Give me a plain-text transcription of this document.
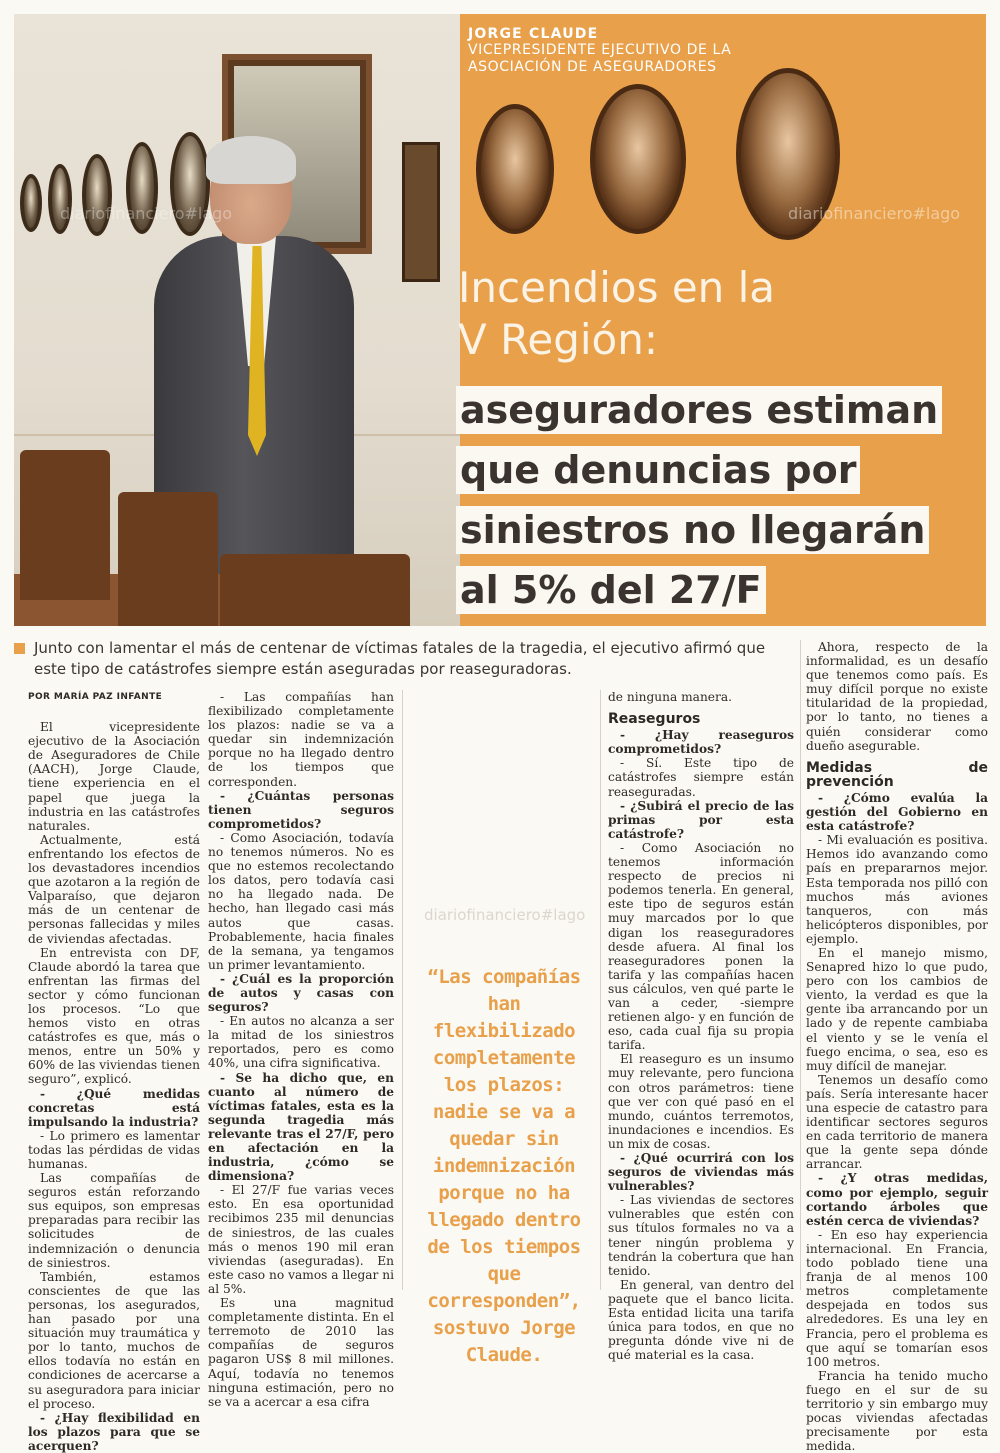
JORGE CLAUDE
VICEPRESIDENTE EJECUTIVO DE LA
ASOCIACIÓN DE ASEGURADORES
diariofinanciero#lago	diariofinanciero#lago
Incendios en la
V Región:
aseguradores estiman
que denuncias por
siniestros no llegarán
al 5% del 27/F
Junto con lamentar el más de centenar de víctimas fatales de la tragedia, el ejecutivo afirmó que este tipo de catástrofes siempre están aseguradas por reaseguradoras.
POR MARÍA PAZ INFANTE

El vicepresidente ejecutivo de la Asociación de Aseguradores de Chile (AACH), Jorge Claude, tiene experiencia en el papel que juega la industria en las catástrofes naturales.

Actualmente, está enfrentando los efectos de los devastadores incendios que azotaron a la región de Valparaíso, que dejaron más de un centenar de personas fallecidas y miles de viviendas afectadas.

En entrevista con DF, Claude abordó la tarea que enfrentan las firmas del sector y cómo funcionan los procesos. “Lo que hemos visto en otras catástrofes es que, más o menos, entre un 50% y 60% de las viviendas tienen seguro”, explicó.

- ¿Qué medidas concretas está impulsando la industria?

- Lo primero es lamentar todas las pérdidas de vidas humanas.

Las compañías de seguros están reforzando sus equipos, son empresas preparadas para recibir las solicitudes de indemnización o denuncia de siniestros.

También, estamos conscientes de que las personas, los asegurados, han pasado por una situación muy traumática y por lo tanto, muchos de ellos todavía no están en condiciones de acercarse a su aseguradora para iniciar el proceso.

- ¿Hay flexibilidad en los plazos para que se acerquen?

- Las compañías han flexibilizado completamente los plazos: nadie se va a quedar sin indemnización porque no ha llegado dentro de los tiempos que corresponden.

- ¿Cuántas personas tienen seguros comprometidos?

- Como Asociación, todavía no tenemos números. No es que no estemos recolectando los datos, pero todavía casi no ha llegado nada. De hecho, han llegado casi más autos que casas. Probablemente, hacia finales de la semana, ya tengamos un primer levantamiento.

- ¿Cuál es la proporción de autos y casas con seguros?

- En autos no alcanza a ser la mitad de los siniestros reportados, pero es como 40%, una cifra significativa.

- Se ha dicho que, en cuanto al número de víctimas fatales, esta es la segunda tragedia más relevante tras el 27/F, pero en afectación en la industria, ¿cómo se dimensiona?

- El 27/F fue varias veces esto. En esa oportunidad recibimos 235 mil denuncias de siniestros, de las cuales más o menos 190 mil eran viviendas (aseguradas). En este caso no vamos a llegar ni al 5%.

Es una magnitud completamente distinta. En el terremoto de 2010 las compañías de seguros pagaron US$ 8 mil millones. Aquí, todavía no tenemos ninguna estimación, pero no se va a acercar a esa cifra

de ninguna manera.

Reaseguros

- ¿Hay reaseguros comprometidos?

- Sí. Este tipo de catástrofes siempre están reaseguradas.

- ¿Subirá el precio de las primas por esta catástrofe?

- Como Asociación no tenemos información respecto de precios ni podemos tenerla. En general, este tipo de seguros están muy marcados por lo que digan los reaseguradores desde afuera. Al final los reaseguradores ponen la tarifa y las compañías hacen sus cálculos, ven qué parte le van a ceder, -siempre retienen algo- y en función de eso, cada cual fija su propia tarifa.

El reaseguro es un insumo muy relevante, pero funciona con otros parámetros: tiene que ver con qué pasó en el mundo, cuántos terremotos, inundaciones e incendios. Es un mix de cosas.

- ¿Qué ocurrirá con los seguros de viviendas más vulnerables?

- Las viviendas de sectores vulnerables que estén con sus títulos formales no va a tener ningún problema y tendrán la cobertura que han tenido.

En general, van dentro del paquete que el banco licita. Esta entidad licita una tarifa única para todos, en que no pregunta dónde vive ni de qué material es la casa.

Ahora, respecto de la informalidad, es un desafío que tenemos como país. Es muy difícil porque no existe titularidad de la propiedad, por lo tanto, no tienes a quién considerar como dueño asegurable.

Medidas de prevención

- ¿Cómo evalúa la gestión del Gobierno en esta catástrofe?

- Mi evaluación es positiva. Hemos ido avanzando como país en prepararnos mejor. Esta temporada nos pilló con muchos más aviones tanqueros, con más helicópteros disponibles, por ejemplo.

En el manejo mismo, Senapred hizo lo que pudo, pero con los cambios de viento, la verdad es que la gente iba arrancando por un lado y de repente cambiaba el viento y se le venía el fuego encima, o sea, eso es muy difícil de manejar.

Tenemos un desafío como país. Sería interesante hacer una especie de catastro para identificar sectores seguros en cada territorio de manera que la gente sepa dónde arrancar.

- ¿Y otras medidas, como por ejemplo, seguir cortando árboles que estén cerca de viviendas?

- En eso hay experiencia internacional. En Francia, todo poblado tiene una franja de al menos 100 metros completamente despejada en todos sus alrededores. Es una ley en Francia, pero el problema es que aquí se tomarían esos 100 metros.

Francia ha tenido mucho fuego en el sur de su territorio y sin embargo muy pocas viviendas afectadas precisamente por esta medida.

diariofinanciero#lago
“Las compañías han flexibilizado completamente los plazos: nadie se va a quedar sin indemnización porque no ha llegado dentro de los tiempos que corresponden”, sostuvo Jorge Claude.
